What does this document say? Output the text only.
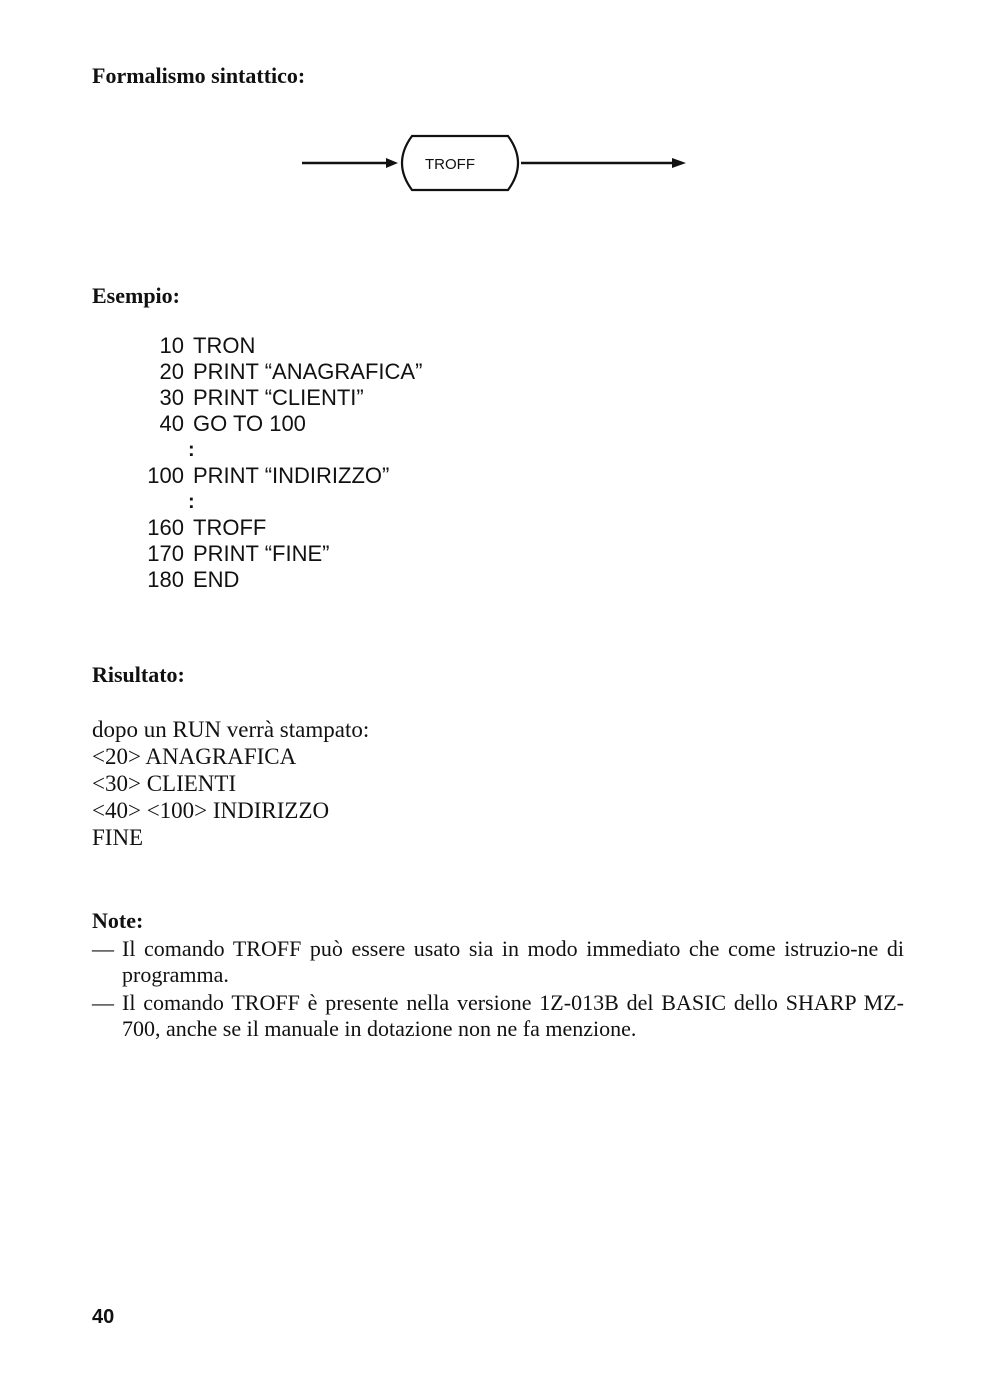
Formalismo sintattico:
TROFF
Esempio:
10 TRON
20 PRINT “ANAGRAFICA”
30 PRINT “CLIENTI”
40 GO TO 100
:
100 PRINT “INDIRIZZO”
:
160 TROFF
170 PRINT “FINE”
180 END
Risultato:
dopo un RUN verrà stampato:
<20> ANAGRAFICA
<30> CLIENTI
<40> <100> INDIRIZZO
FINE
Note:
— Il comando TROFF può essere usato sia in modo immediato che come istruzio-ne di programma.
— Il comando TROFF è presente nella versione 1Z-013B del BASIC dello SHARP MZ-700, anche se il manuale in dotazione non ne fa menzione.
40
